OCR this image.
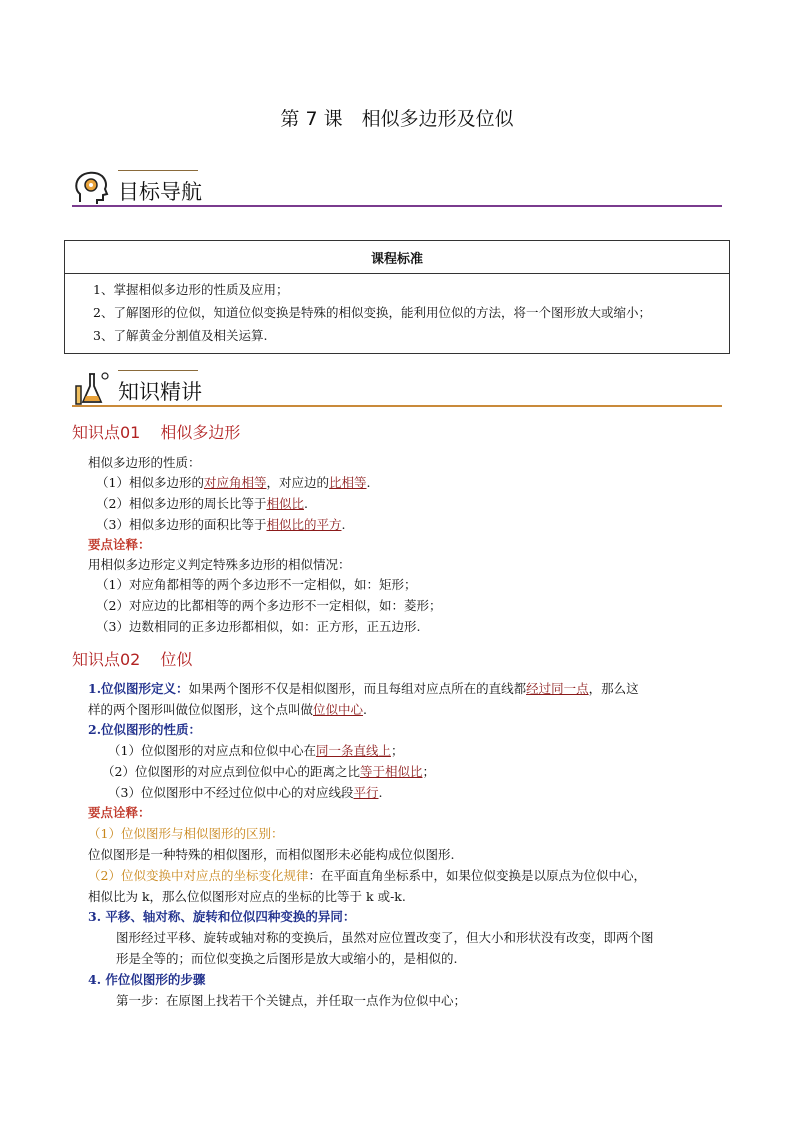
第 7 课　相似多边形及位似
目标导航
课程标准

1、掌握相似多边形的性质及应用；
2、了解图形的位似，知道位似变换是特殊的相似变换，能利用位似的方法，将一个图形放大或缩小；
3、了解黄金分割值及相关运算.
知识精讲
知识点01 相似多边形
相似多边形的性质：
（1）相似多边形的对应角相等，对应边的比相等.
（2）相似多边形的周长比等于相似比.
（3）相似多边形的面积比等于相似比的平方.
要点诠释：
用相似多边形定义判定特殊多边形的相似情况：
（1）对应角都相等的两个多边形不一定相似，如：矩形；
（2）对应边的比都相等的两个多边形不一定相似，如：菱形；
（3）边数相同的正多边形都相似，如：正方形，正五边形.
知识点02 位似
1.位似图形定义：如果两个图形不仅是相似图形，而且每组对应点所在的直线都经过同一点，那么这
样的两个图形叫做位似图形，这个点叫做位似中心.
2.位似图形的性质：
（1）位似图形的对应点和位似中心在同一条直线上；
（2）位似图形的对应点到位似中心的距离之比等于相似比；
（3）位似图形中不经过位似中心的对应线段平行.
要点诠释：
（1）位似图形与相似图形的区别：
位似图形是一种特殊的相似图形，而相似图形未必能构成位似图形.
（2）位似变换中对应点的坐标变化规律：在平面直角坐标系中，如果位似变换是以原点为位似中心，
相似比为 k，那么位似图形对应点的坐标的比等于 k 或-k.
3. 平移、轴对称、旋转和位似四种变换的异同：
图形经过平移、旋转或轴对称的变换后，虽然对应位置改变了，但大小和形状没有改变，即两个图
形是全等的；而位似变换之后图形是放大或缩小的，是相似的.
4. 作位似图形的步骤
第一步：在原图上找若干个关键点，并任取一点作为位似中心；
